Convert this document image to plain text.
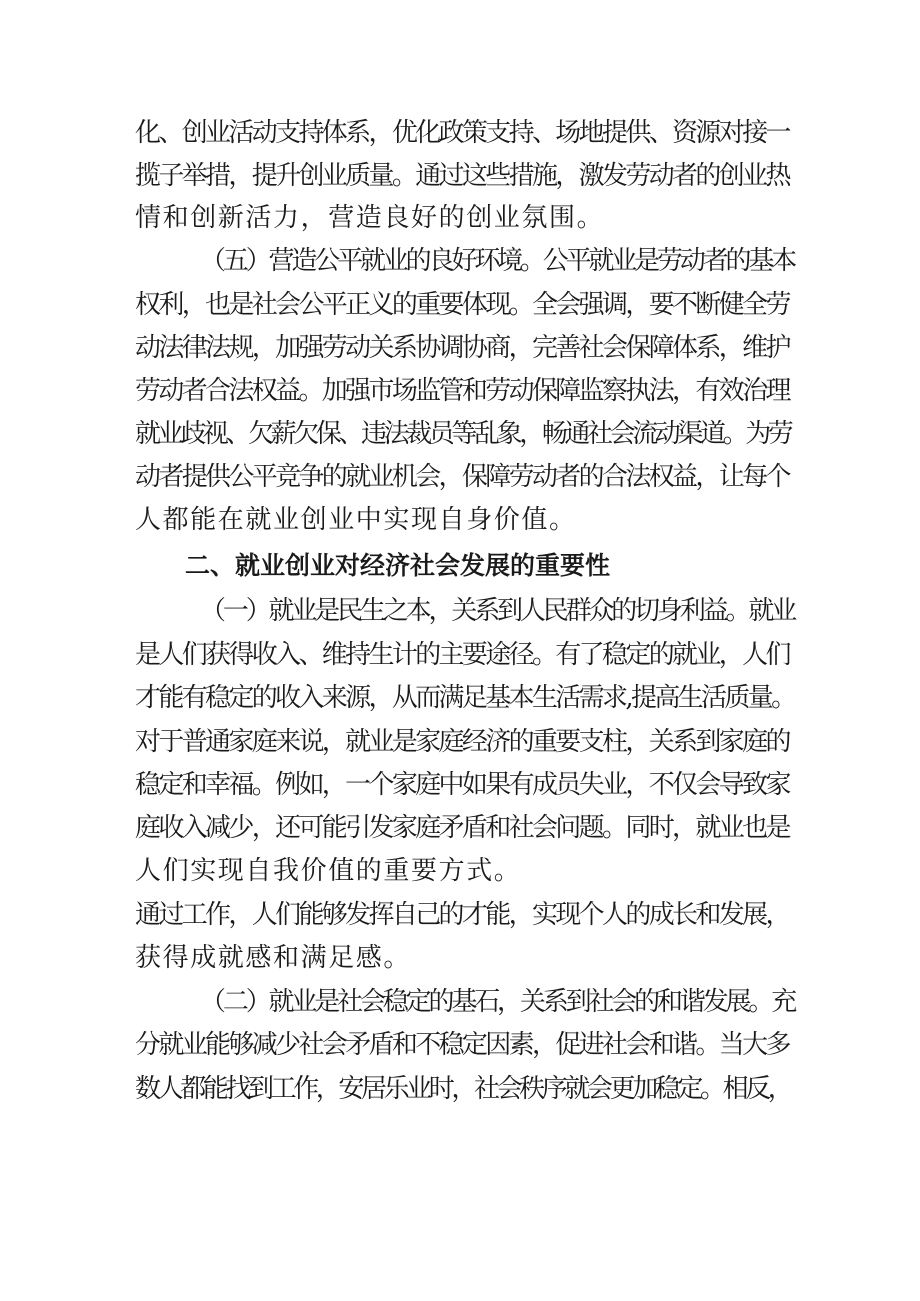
化、创业活动支持体系，优化政策支持、场地提供、资源对接一
揽子举措，提升创业质量。通过这些措施，激发劳动者的创业热
情和创新活力，营造良好的创业氛围。
（五）营造公平就业的良好环境。公平就业是劳动者的基本
权利，也是社会公平正义的重要体现。全会强调，要不断健全劳
动法律法规，加强劳动关系协调协商，完善社会保障体系，维护
劳动者合法权益。加强市场监管和劳动保障监察执法，有效治理
就业歧视、欠薪欠保、违法裁员等乱象，畅通社会流动渠道。为劳
动者提供公平竞争的就业机会，保障劳动者的合法权益，让每个
人都能在就业创业中实现自身价值。
二、就业创业对经济社会发展的重要性
（一）就业是民生之本，关系到人民群众的切身利益。就业
是人们获得收入、维持生计的主要途径。有了稳定的就业，人们
才能有稳定的收入来源，从而满足基本生活需求,提高生活质量。
对于普通家庭来说，就业是家庭经济的重要支柱，关系到家庭的
稳定和幸福。例如，一个家庭中如果有成员失业，不仅会导致家
庭收入减少，还可能引发家庭矛盾和社会问题。同时，就业也是
人们实现自我价值的重要方式。
通过工作，人们能够发挥自己的才能，实现个人的成长和发展，
获得成就感和满足感。
（二）就业是社会稳定的基石，关系到社会的和谐发展。充
分就业能够减少社会矛盾和不稳定因素，促进社会和谐。当大多
数人都能找到工作，安居乐业时，社会秩序就会更加稳定。相反，
